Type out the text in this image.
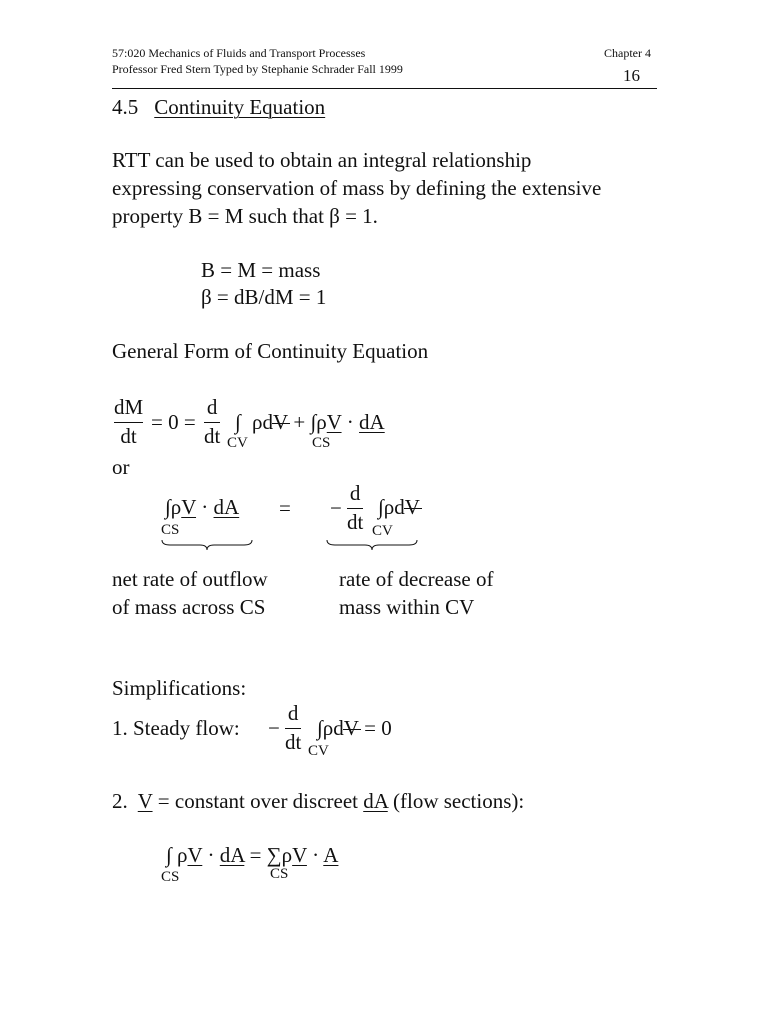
57:020 Mechanics of Fluids and Transport Processes
Professor Fred Stern Typed by Stephanie Schrader Fall 1999
Chapter 4
16
4.5 Continuity Equation
RTT can be used to obtain an integral relationship
expressing conservation of mass by defining the extensive
property B = M such that β = 1.
B = M = mass
β = dB/dM = 1
General Form of Continuity Equation
dM
dt
= 0 =
d
dt
∫
CV
ρdV + ∫ρV · dA
CS
or
∫ρV · dA
CS
= −
d
dt CV
∫ρdV
net rate of outflow
of mass across CS
rate of decrease of
mass within CV
Simplifications:
1. Steady flow: −
d
dt CV
∫ρdV = 0
2. V = constant over discreet dA (flow sections):
∫ ρV · dA = ∑ρV · A
CS	CS
